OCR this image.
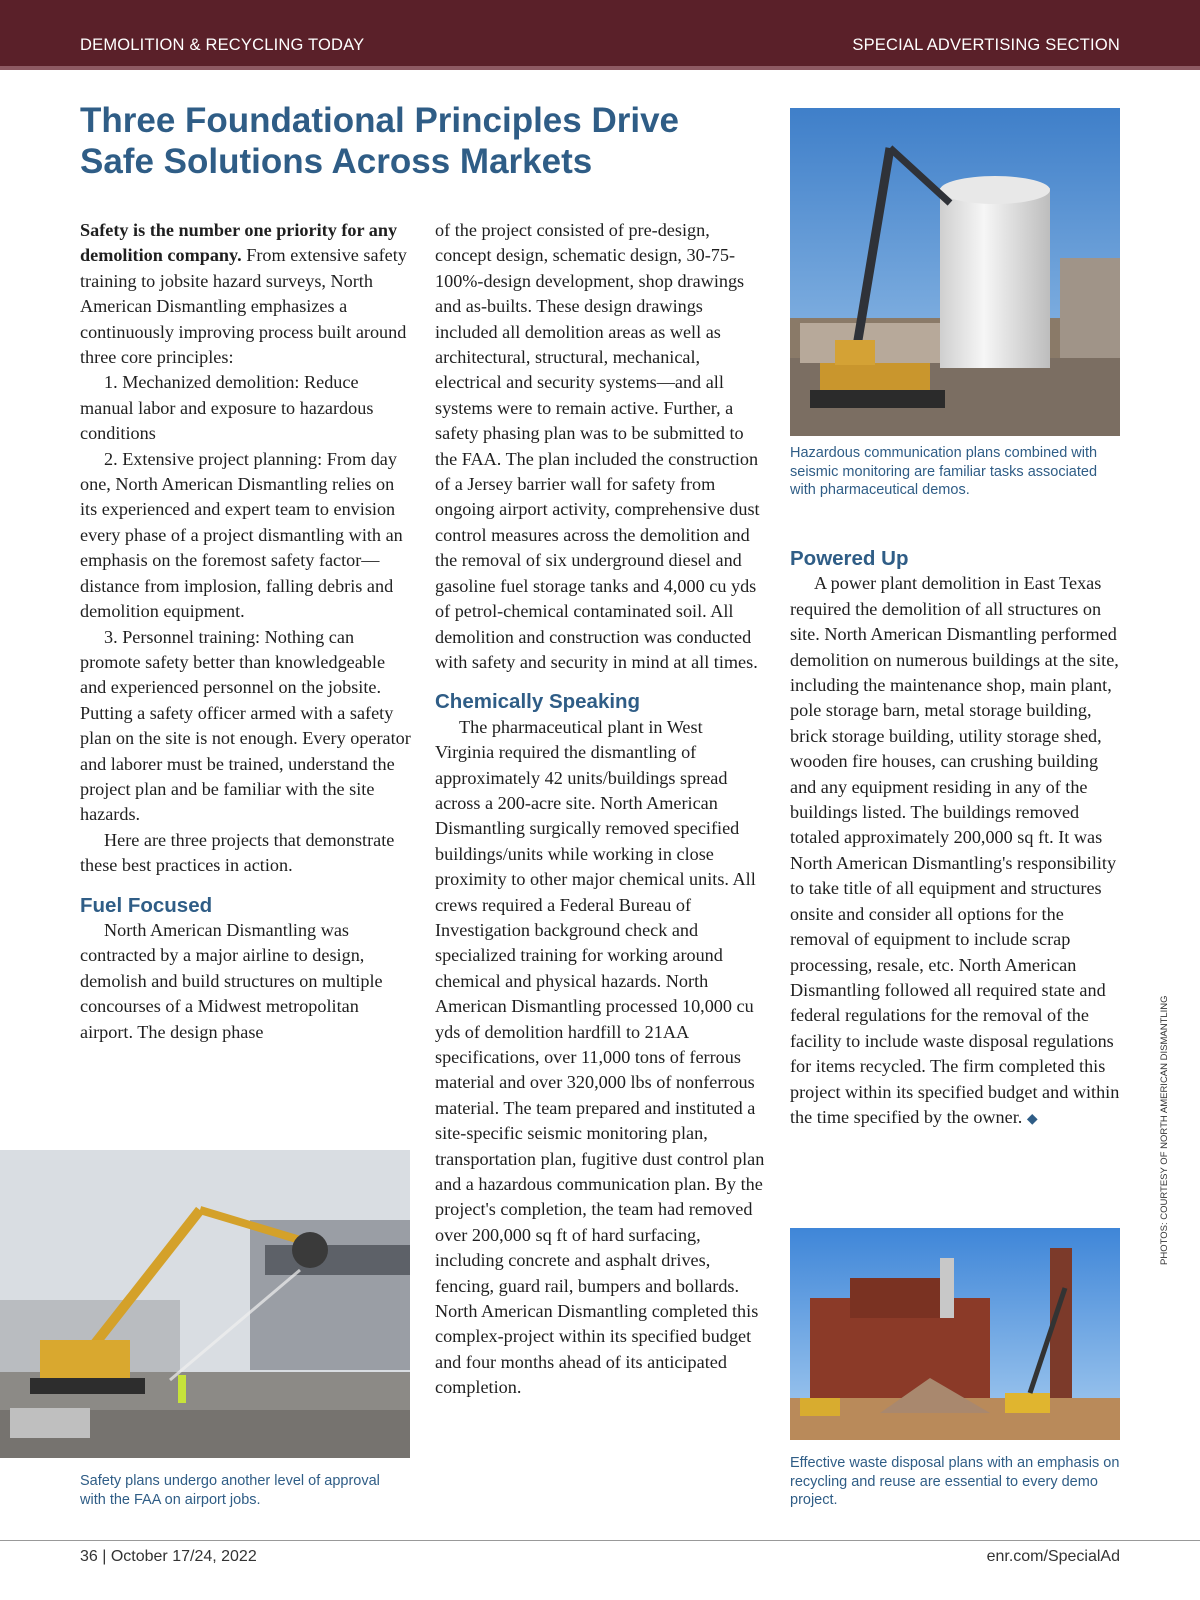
DEMOLITION & RECYCLING TODAY	SPECIAL ADVERTISING SECTION
Three Foundational Principles Drive Safe Solutions Across Markets

Safety is the number one priority for any demolition company. From extensive safety training to jobsite hazard surveys, North American Dismantling emphasizes a continuously improving process built around three core principles:

1. Mechanized demolition: Reduce manual labor and exposure to hazardous conditions

2. Extensive project planning: From day one, North American Dismantling relies on its experienced and expert team to envision every phase of a project dismantling with an emphasis on the foremost safety factor—distance from implosion, falling debris and demolition equipment.

3. Personnel training: Nothing can promote safety better than knowledgeable and experienced personnel on the jobsite. Putting a safety officer armed with a safety plan on the site is not enough. Every operator and laborer must be trained, understand the project plan and be familiar with the site hazards.

Here are three projects that demonstrate these best practices in action.

Fuel Focused

North American Dismantling was contracted by a major airline to design, demolish and build structures on multiple concourses of a Midwest metropolitan airport. The design phase

of the project consisted of pre-design, concept design, schematic design, 30-75-100%-design development, shop drawings and as-builts. These design drawings included all demolition areas as well as architectural, structural, mechanical, electrical and security systems—and all systems were to remain active. Further, a safety phasing plan was to be submitted to the FAA. The plan included the construction of a Jersey barrier wall for safety from ongoing airport activity, comprehensive dust control measures across the demolition and the removal of six underground diesel and gasoline fuel storage tanks and 4,000 cu yds of petrol-chemical contaminated soil. All demolition and construction was conducted with safety and security in mind at all times.

Chemically Speaking

The pharmaceutical plant in West Virginia required the dismantling of approximately 42 units/buildings spread across a 200-acre site. North American Dismantling surgically removed specified buildings/units while working in close proximity to other major chemical units. All crews required a Federal Bureau of Investigation background check and specialized training for working around chemical and physical hazards. North American Dismantling processed 10,000 cu yds of demolition hardfill to 21AA specifications, over 11,000 tons of ferrous material and over 320,000 lbs of nonferrous material. The team prepared and instituted a site-specific seismic monitoring plan, transportation plan, fugitive dust control plan and a hazardous communication plan. By the project's completion, the team had removed over 200,000 sq ft of hard surfacing, including concrete and asphalt drives, fencing, guard rail, bumpers and bollards. North American Dismantling completed this complex-project within its specified budget and four months ahead of its anticipated completion.

Powered Up

A power plant demolition in East Texas required the demolition of all structures on site. North American Dismantling performed demolition on numerous buildings at the site, including the maintenance shop, main plant, pole storage barn, metal storage building, brick storage building, utility storage shed, wooden fire houses, can crushing building and any equipment residing in any of the buildings listed. The buildings removed totaled approximately 200,000 sq ft. It was North American Dismantling's responsibility to take title of all equipment and structures onsite and consider all options for the removal of equipment to include scrap processing, resale, etc. North American Dismantling followed all required state and federal regulations for the removal of the facility to include waste disposal regulations for items recycled. The firm completed this project within its specified budget and within the time specified by the owner. ◆

Hazardous communication plans combined with seismic monitoring are familiar tasks associated with pharmaceutical demos.
Safety plans undergo another level of approval with the FAA on airport jobs.
Effective waste disposal plans with an emphasis on recycling and reuse are essential to every demo project.
PHOTOS: COURTESY OF NORTH AMERICAN DISMANTLING
36 | October 17/24, 2022	enr.com/SpecialAd
